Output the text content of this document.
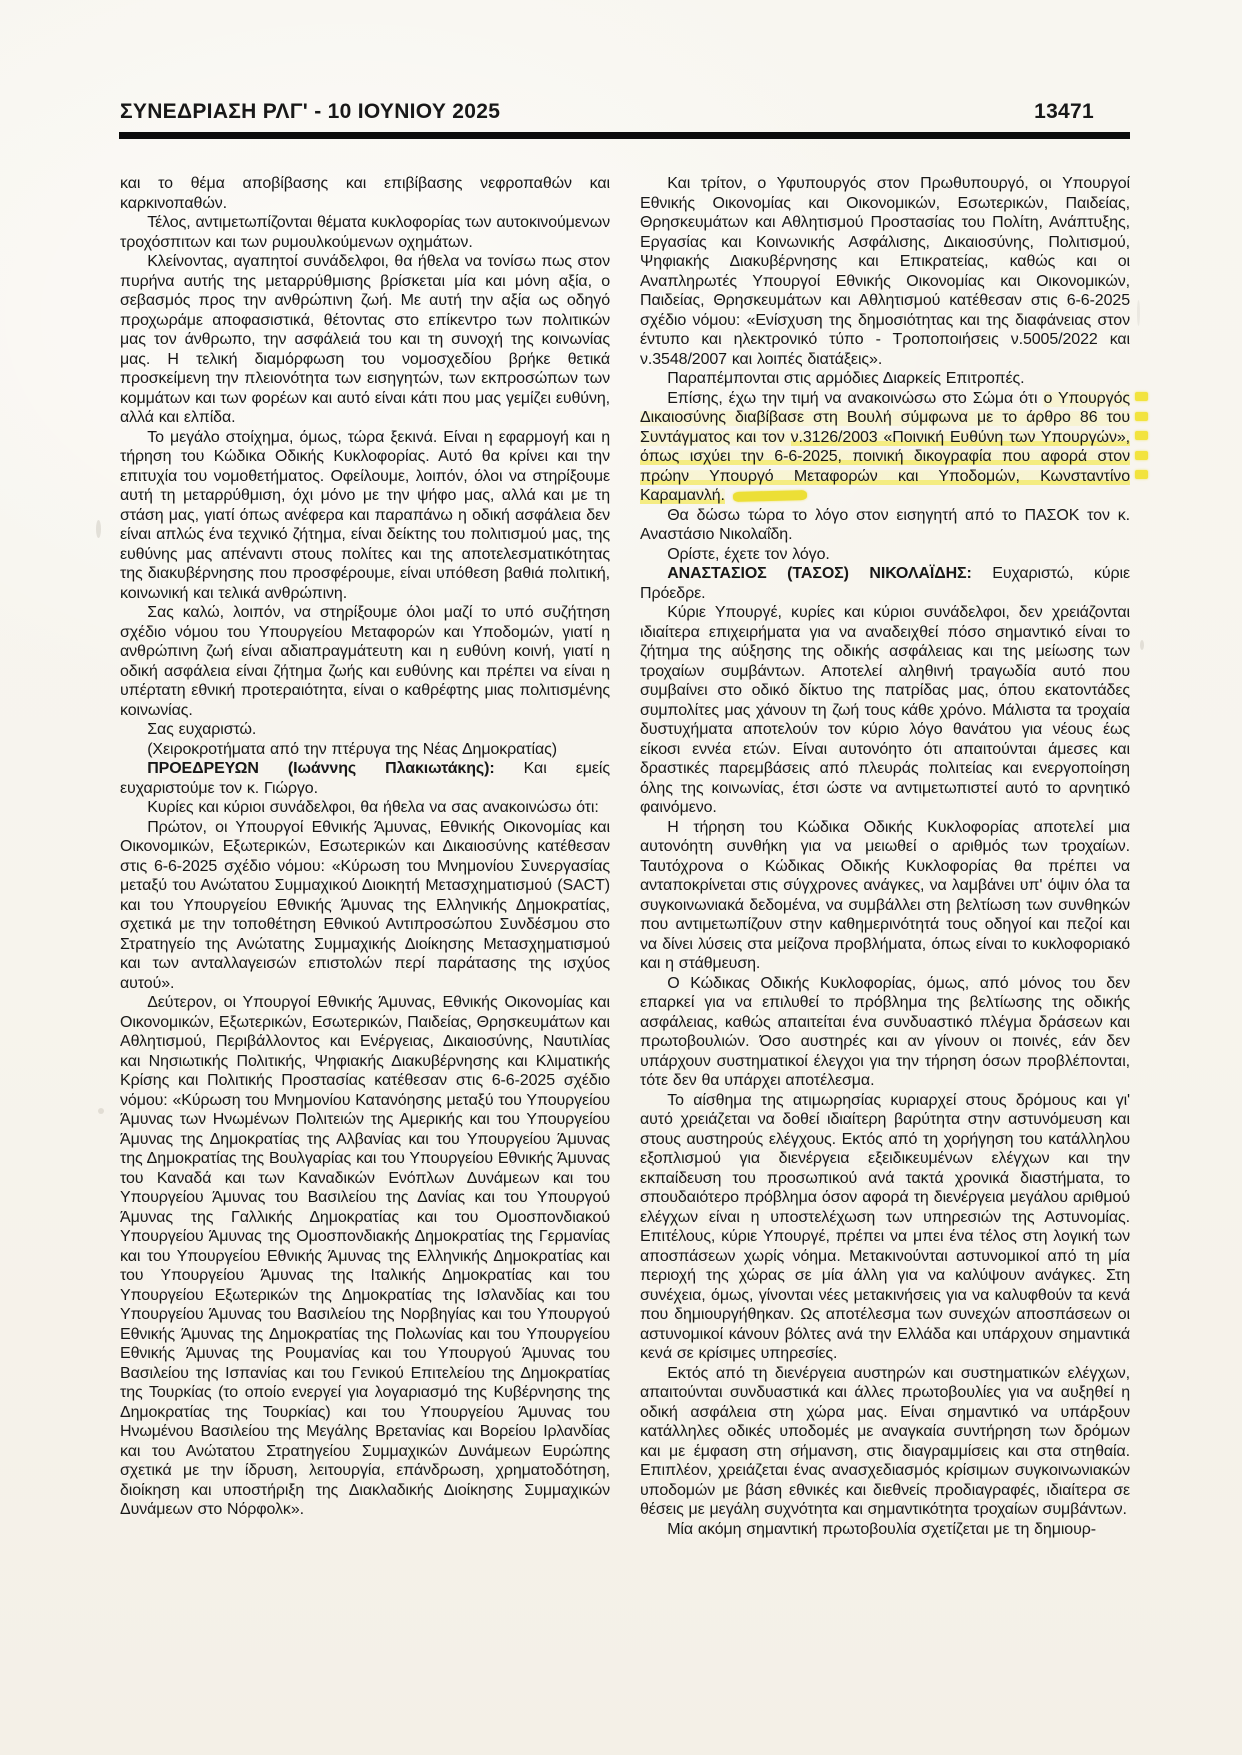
ΣΥΝΕΔΡΙΑΣΗ ΡΛΓ' - 10 ΙΟΥΝΙΟΥ 2025	13471

και το θέμα αποβίβασης και επιβίβασης νεφροπαθών και καρκινοπαθών.

Τέλος, αντιμετωπίζονται θέματα κυκλοφορίας των αυτοκινούμενων τροχόσπιτων και των ρυμουλκούμενων οχημάτων.

Κλείνοντας, αγαπητοί συνάδελφοι, θα ήθελα να τονίσω πως στον πυρήνα αυτής της μεταρρύθμισης βρίσκεται μία και μόνη αξία, ο σεβασμός προς την ανθρώπινη ζωή. Με αυτή την αξία ως οδηγό προχωράμε αποφασιστικά, θέτοντας στο επίκεντρο των πολιτικών μας τον άνθρωπο, την ασφάλειά του και τη συνοχή της κοινωνίας μας. Η τελική διαμόρφωση του νομοσχεδίου βρήκε θετικά προσκείμενη την πλειονότητα των εισηγητών, των εκπροσώπων των κομμάτων και των φορέων και αυτό είναι κάτι που μας γεμίζει ευθύνη, αλλά και ελπίδα.

Το μεγάλο στοίχημα, όμως, τώρα ξεκινά. Είναι η εφαρμογή και η τήρηση του Κώδικα Οδικής Κυκλοφορίας. Αυτό θα κρίνει και την επιτυχία του νομοθετήματος. Οφείλουμε, λοιπόν, όλοι να στηρίξουμε αυτή τη μεταρρύθμιση, όχι μόνο με την ψήφο μας, αλλά και με τη στάση μας, γιατί όπως ανέφερα και παραπάνω η οδική ασφάλεια δεν είναι απλώς ένα τεχνικό ζήτημα, είναι δείκτης του πολιτισμού μας, της ευθύνης μας απέναντι στους πολίτες και της αποτελεσματικότητας της διακυβέρνησης που προσφέρουμε, είναι υπόθεση βαθιά πολιτική, κοινωνική και τελικά ανθρώπινη.

Σας καλώ, λοιπόν, να στηρίξουμε όλοι μαζί το υπό συζήτηση σχέδιο νόμου του Υπουργείου Μεταφορών και Υποδομών, γιατί η ανθρώπινη ζωή είναι αδιαπραγμάτευτη και η ευθύνη κοινή, γιατί η οδική ασφάλεια είναι ζήτημα ζωής και ευθύνης και πρέπει να είναι η υπέρτατη εθνική προτεραιότητα, είναι ο καθρέφτης μιας πολιτισμένης κοινωνίας.

Σας ευχαριστώ.

(Χειροκροτήματα από την πτέρυγα της Νέας Δημοκρατίας)

ΠΡΟΕΔΡΕΥΩΝ (Ιωάννης Πλακιωτάκης): Και εμείς ευχαριστούμε τον κ. Γιώργο.

Κυρίες και κύριοι συνάδελφοι, θα ήθελα να σας ανακοινώσω ότι:

Πρώτον, οι Υπουργοί Εθνικής Άμυνας, Εθνικής Οικονομίας και Οικονομικών, Εξωτερικών, Εσωτερικών και Δικαιοσύνης κατέθεσαν στις 6-6-2025 σχέδιο νόμου: «Κύρωση του Μνημονίου Συνεργασίας μεταξύ του Ανώτατου Συμμαχικού Διοικητή Μετασχηματισμού (SACT) και του Υπουργείου Εθνικής Άμυνας της Ελληνικής Δημοκρατίας, σχετικά με την τοποθέτηση Εθνικού Αντιπροσώπου Συνδέσμου στο Στρατηγείο της Ανώτατης Συμμαχικής Διοίκησης Μετασχηματισμού και των ανταλλαγεισών επιστολών περί παράτασης της ισχύος αυτού».

Δεύτερον, οι Υπουργοί Εθνικής Άμυνας, Εθνικής Οικονομίας και Οικονομικών, Εξωτερικών, Εσωτερικών, Παιδείας, Θρησκευμάτων και Αθλητισμού, Περιβάλλοντος και Ενέργειας, Δικαιοσύνης, Ναυτιλίας και Νησιωτικής Πολιτικής, Ψηφιακής Διακυβέρνησης και Κλιματικής Κρίσης και Πολιτικής Προστασίας κατέθεσαν στις 6-6-2025 σχέδιο νόμου: «Κύρωση του Μνημονίου Κατανόησης μεταξύ του Υπουργείου Άμυνας των Ηνωμένων Πολιτειών της Αμερικής και του Υπουργείου Άμυνας της Δημοκρατίας της Αλβανίας και του Υπουργείου Άμυνας της Δημοκρατίας της Βουλγαρίας και του Υπουργείου Εθνικής Άμυνας του Καναδά και των Καναδικών Ενόπλων Δυνάμεων και του Υπουργείου Άμυνας του Βασιλείου της Δανίας και του Υπουργού Άμυνας της Γαλλικής Δημοκρατίας και του Ομοσπονδιακού Υπουργείου Άμυνας της Ομοσπονδιακής Δημοκρατίας της Γερμανίας και του Υπουργείου Εθνικής Άμυνας της Ελληνικής Δημοκρατίας και του Υπουργείου Άμυνας της Ιταλικής Δημοκρατίας και του Υπουργείου Εξωτερικών της Δημοκρατίας της Ισλανδίας και του Υπουργείου Άμυνας του Βασιλείου της Νορβηγίας και του Υπουργού Εθνικής Άμυνας της Δημοκρατίας της Πολωνίας και του Υπουργείου Εθνικής Άμυνας της Ρουμανίας και του Υπουργού Άμυνας του Βασιλείου της Ισπανίας και του Γενικού Επιτελείου της Δημοκρατίας της Τουρκίας (το οποίο ενεργεί για λογαριασμό της Κυβέρνησης της Δημοκρατίας της Τουρκίας) και του Υπουργείου Άμυνας του Ηνωμένου Βασιλείου της Μεγάλης Βρετανίας και Βορείου Ιρλανδίας και του Ανώτατου Στρατηγείου Συμμαχικών Δυνάμεων Ευρώπης σχετικά με την ίδρυση, λειτουργία, επάνδρωση, χρηματοδότηση, διοίκηση και υποστήριξη της Διακλαδικής Διοίκησης Συμμαχικών Δυνάμεων στο Νόρφολκ».

Και τρίτον, ο Υφυπουργός στον Πρωθυπουργό, οι Υπουργοί Εθνικής Οικονομίας και Οικονομικών, Εσωτερικών, Παιδείας, Θρησκευμάτων και Αθλητισμού Προστασίας του Πολίτη, Ανάπτυξης, Εργασίας και Κοινωνικής Ασφάλισης, Δικαιοσύνης, Πολιτισμού, Ψηφιακής Διακυβέρνησης και Επικρατείας, καθώς και οι Αναπληρωτές Υπουργοί Εθνικής Οικονομίας και Οικονομικών, Παιδείας, Θρησκευμάτων και Αθλητισμού κατέθεσαν στις 6-6-2025 σχέδιο νόμου: «Ενίσχυση της δημοσιότητας και της διαφάνειας στον έντυπο και ηλεκτρονικό τύπο - Τροποποιήσεις ν.5005/2022 και ν.3548/2007 και λοιπές διατάξεις».

Παραπέμπονται στις αρμόδιες Διαρκείς Επιτροπές.

Επίσης, έχω την τιμή να ανακοινώσω στο Σώμα ότι ο Υπουργός Δικαιοσύνης διαβίβασε στη Βουλή σύμφωνα με το άρθρο 86 του Συντάγματος και τον ν.3126/2003 «Ποινική Ευθύνη των Υπουργών», όπως ισχύει την 6-6-2025, ποινική δικογραφία που αφορά στον πρώην Υπουργό Μεταφορών και Υποδομών, Κωνσταντίνο Καραμανλή.

Θα δώσω τώρα το λόγο στον εισηγητή από το ΠΑΣΟΚ τον κ. Αναστάσιο Νικολαΐδη.

Ορίστε, έχετε τον λόγο.

ΑΝΑΣΤΑΣΙΟΣ (ΤΑΣΟΣ) ΝΙΚΟΛΑΪΔΗΣ: Ευχαριστώ, κύριε Πρόεδρε.

Κύριε Υπουργέ, κυρίες και κύριοι συνάδελφοι, δεν χρειάζονται ιδιαίτερα επιχειρήματα για να αναδειχθεί πόσο σημαντικό είναι το ζήτημα της αύξησης της οδικής ασφάλειας και της μείωσης των τροχαίων συμβάντων. Αποτελεί αληθινή τραγωδία αυτό που συμβαίνει στο οδικό δίκτυο της πατρίδας μας, όπου εκατοντάδες συμπολίτες μας χάνουν τη ζωή τους κάθε χρόνο. Μάλιστα τα τροχαία δυστυχήματα αποτελούν τον κύριο λόγο θανάτου για νέους έως είκοσι εννέα ετών. Είναι αυτονόητο ότι απαιτούνται άμεσες και δραστικές παρεμβάσεις από πλευράς πολιτείας και ενεργοποίηση όλης της κοινωνίας, έτσι ώστε να αντιμετωπιστεί αυτό το αρνητικό φαινόμενο.

Η τήρηση του Κώδικα Οδικής Κυκλοφορίας αποτελεί μια αυτονόητη συνθήκη για να μειωθεί ο αριθμός των τροχαίων. Ταυτόχρονα ο Κώδικας Οδικής Κυκλοφορίας θα πρέπει να ανταποκρίνεται στις σύγχρονες ανάγκες, να λαμβάνει υπ' όψιν όλα τα συγκοινωνιακά δεδομένα, να συμβάλλει στη βελτίωση των συνθηκών που αντιμετωπίζουν στην καθημερινότητά τους οδηγοί και πεζοί και να δίνει λύσεις στα μείζονα προβλήματα, όπως είναι το κυκλοφοριακό και η στάθμευση.

Ο Κώδικας Οδικής Κυκλοφορίας, όμως, από μόνος του δεν επαρκεί για να επιλυθεί το πρόβλημα της βελτίωσης της οδικής ασφάλειας, καθώς απαιτείται ένα συνδυαστικό πλέγμα δράσεων και πρωτοβουλιών. Όσο αυστηρές και αν γίνουν οι ποινές, εάν δεν υπάρχουν συστηματικοί έλεγχοι για την τήρηση όσων προβλέπονται, τότε δεν θα υπάρχει αποτέλεσμα.

Το αίσθημα της ατιμωρησίας κυριαρχεί στους δρόμους και γι' αυτό χρειάζεται να δοθεί ιδιαίτερη βαρύτητα στην αστυνόμευση και στους αυστηρούς ελέγχους. Εκτός από τη χορήγηση του κατάλληλου εξοπλισμού για διενέργεια εξειδικευμένων ελέγχων και την εκπαίδευση του προσωπικού ανά τακτά χρονικά διαστήματα, το σπουδαιότερο πρόβλημα όσον αφορά τη διενέργεια μεγάλου αριθμού ελέγχων είναι η υποστελέχωση των υπηρεσιών της Αστυνομίας. Επιτέλους, κύριε Υπουργέ, πρέπει να μπει ένα τέλος στη λογική των αποσπάσεων χωρίς νόημα. Μετακινούνται αστυνομικοί από τη μία περιοχή της χώρας σε μία άλλη για να καλύψουν ανάγκες. Στη συνέχεια, όμως, γίνονται νέες μετακινήσεις για να καλυφθούν τα κενά που δημιουργήθηκαν. Ως αποτέλεσμα των συνεχών αποσπάσεων οι αστυνομικοί κάνουν βόλτες ανά την Ελλάδα και υπάρχουν σημαντικά κενά σε κρίσιμες υπηρεσίες.

Εκτός από τη διενέργεια αυστηρών και συστηματικών ελέγχων, απαιτούνται συνδυαστικά και άλλες πρωτοβουλίες για να αυξηθεί η οδική ασφάλεια στη χώρα μας. Είναι σημαντικό να υπάρξουν κατάλληλες οδικές υποδομές με αναγκαία συντήρηση των δρόμων και με έμφαση στη σήμανση, στις διαγραμμίσεις και στα στηθαία. Επιπλέον, χρειάζεται ένας ανασχεδιασμός κρίσιμων συγκοινωνιακών υποδομών με βάση εθνικές και διεθνείς προδιαγραφές, ιδιαίτερα σε θέσεις με μεγάλη συχνότητα και σημαντικότητα τροχαίων συμβάντων.

Μία ακόμη σημαντική πρωτοβουλία σχετίζεται με τη δημιουρ-
